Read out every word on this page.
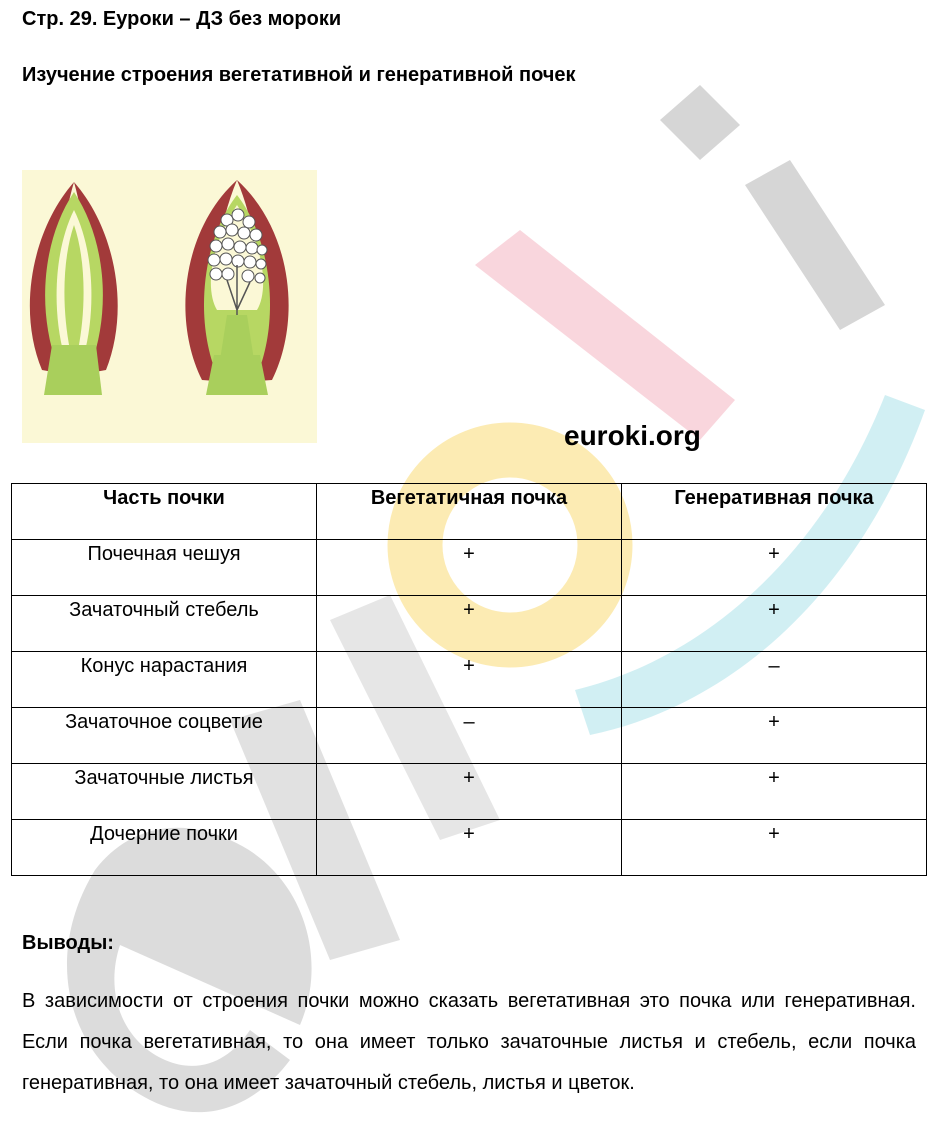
Стр. 29. Еуроки – ДЗ без мороки
Изучение строения вегетативной и генеративной почек
euroki.org
Часть почки	Вегетатичная почка	Генеративная почка
Почечная чешуя	+	+
Зачаточный стебель	+	+
Конус нарастания	+	–
Зачаточное соцветие	–	+
Зачаточные листья	+	+
Дочерние почки	+	+
Выводы:
В зависимости от строения почки можно сказать вегетативная это почка или генеративная. Если почка вегетативная, то она имеет только зачаточные листья и стебель, если почка генеративная, то она имеет зачаточный стебель, листья и цветок.
